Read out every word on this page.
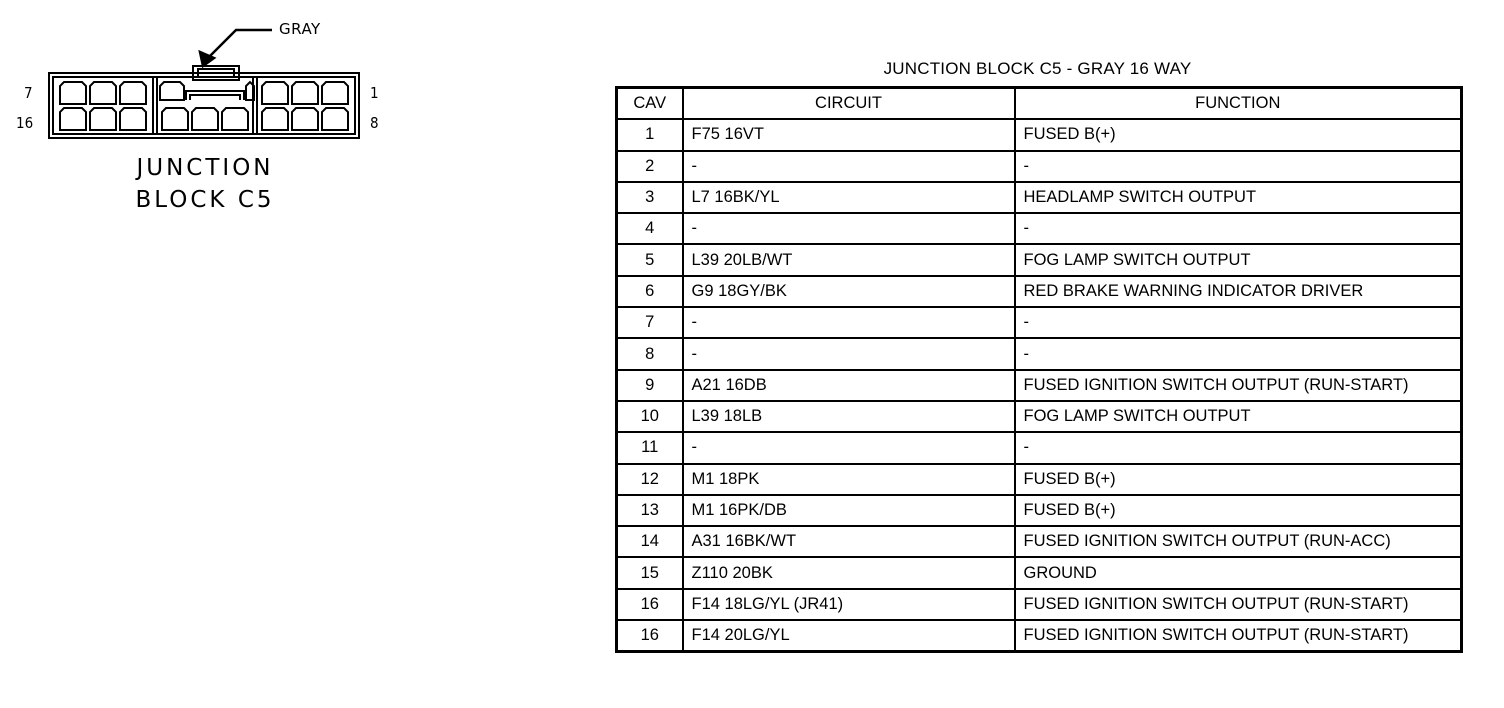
GRAY
7
16
1
8
JUNCTION
BLOCK C5
JUNCTION BLOCK C5 - GRAY 16 WAY
CAV	CIRCUIT	FUNCTION
1	F75 16VT	FUSED B(+)
2	-	-
3	L7 16BK/YL	HEADLAMP SWITCH OUTPUT
4	-	-
5	L39 20LB/WT	FOG LAMP SWITCH OUTPUT
6	G9 18GY/BK	RED BRAKE WARNING INDICATOR DRIVER
7	-	-
8	-	-
9	A21 16DB	FUSED IGNITION SWITCH OUTPUT (RUN-START)
10	L39 18LB	FOG LAMP SWITCH OUTPUT
11	-	-
12	M1 18PK	FUSED B(+)
13	M1 16PK/DB	FUSED B(+)
14	A31 16BK/WT	FUSED IGNITION SWITCH OUTPUT (RUN-ACC)
15	Z110 20BK	GROUND
16	F14 18LG/YL (JR41)	FUSED IGNITION SWITCH OUTPUT (RUN-START)
16	F14 20LG/YL	FUSED IGNITION SWITCH OUTPUT (RUN-START)
